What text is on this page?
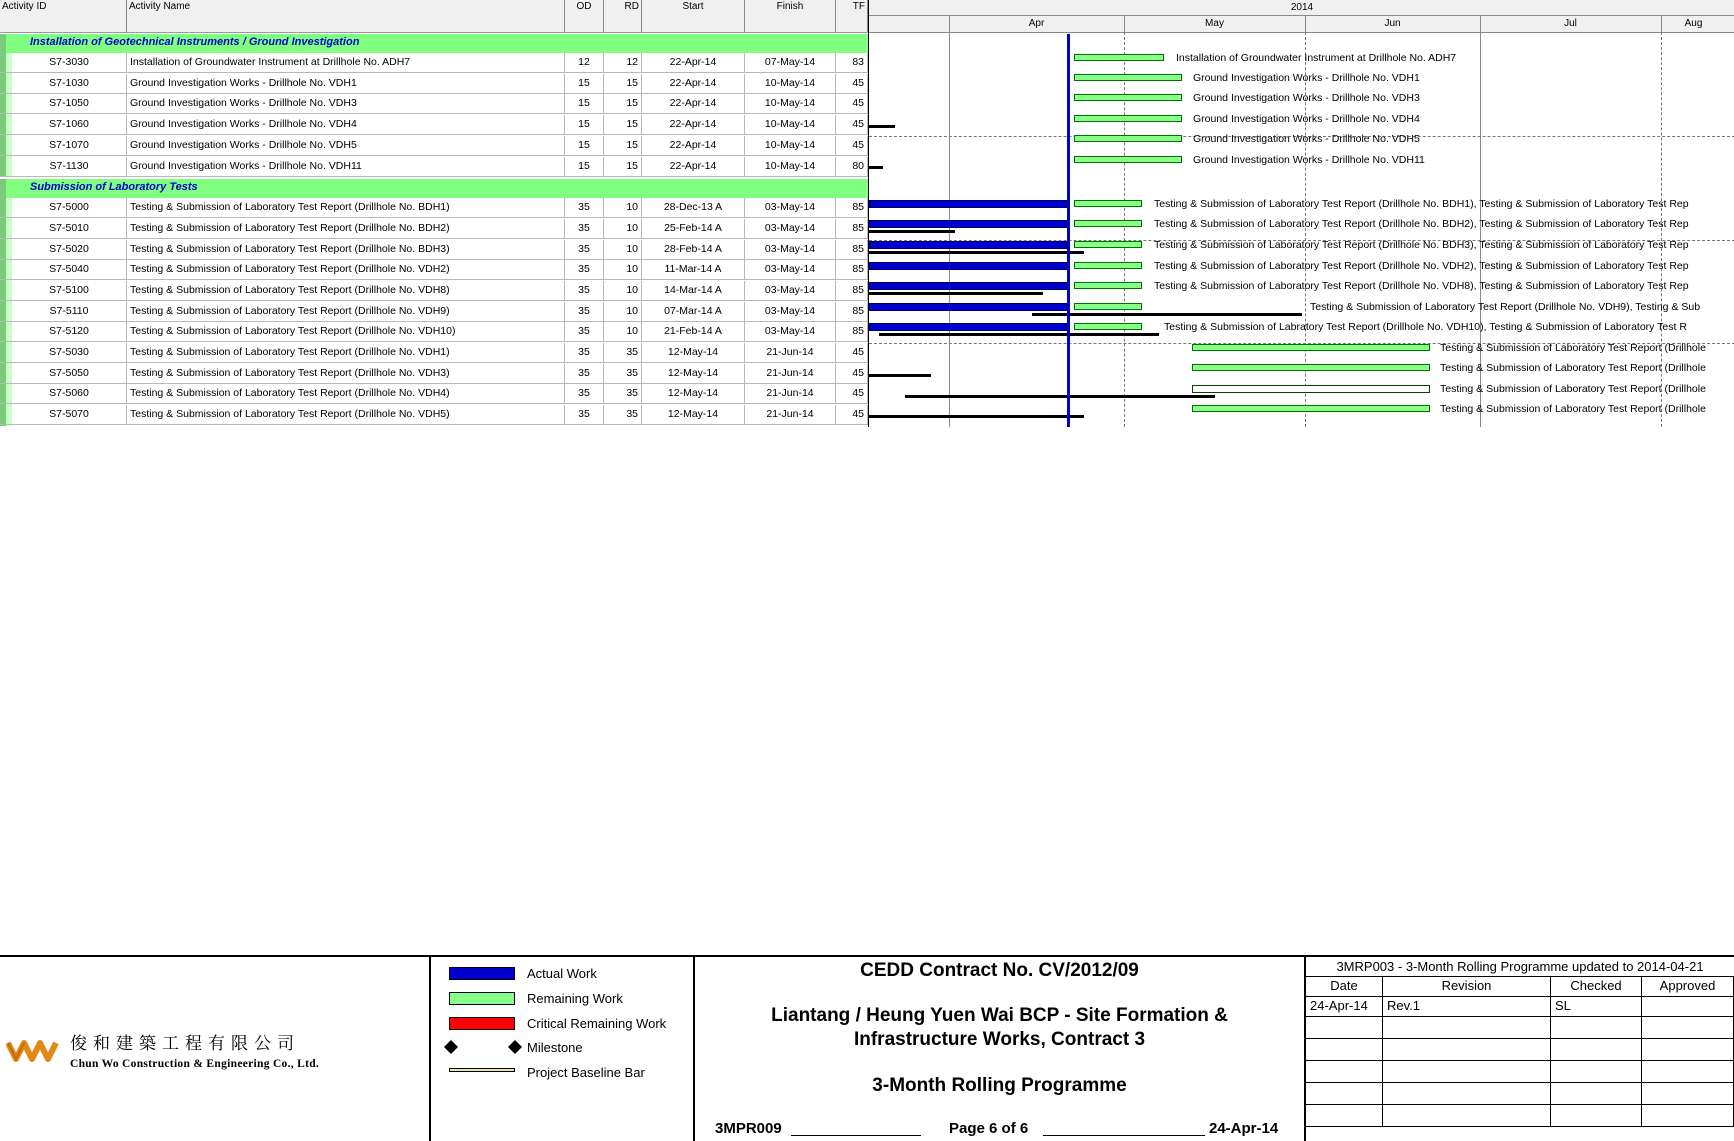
Activity ID	Activity Name	OD	RD	Start	Finish	TF
Installation of Geotechnical Instruments / Ground Investigation
S7-3030	Installation of Groundwater Instrument at Drillhole No. ADH7	12	12	22-Apr-14	07-May-14	83
S7-1030	Ground Investigation Works - Drillhole No. VDH1	15	15	22-Apr-14	10-May-14	45
S7-1050	Ground Investigation Works - Drillhole No. VDH3	15	15	22-Apr-14	10-May-14	45
S7-1060	Ground Investigation Works - Drillhole No. VDH4	15	15	22-Apr-14	10-May-14	45
S7-1070	Ground Investigation Works - Drillhole No. VDH5	15	15	22-Apr-14	10-May-14	45
S7-1130	Ground Investigation Works - Drillhole No. VDH11	15	15	22-Apr-14	10-May-14	80
Submission of Laboratory Tests
S7-5000	Testing & Submission of Laboratory Test Report (Drillhole No. BDH1)	35	10	28-Dec-13 A	03-May-14	85
S7-5010	Testing & Submission of Laboratory Test Report (Drillhole No. BDH2)	35	10	25-Feb-14 A	03-May-14	85
S7-5020	Testing & Submission of Laboratory Test Report (Drillhole No. BDH3)	35	10	28-Feb-14 A	03-May-14	85
S7-5040	Testing & Submission of Laboratory Test Report (Drillhole No. VDH2)	35	10	11-Mar-14 A	03-May-14	85
S7-5100	Testing & Submission of Laboratory Test Report (Drillhole No. VDH8)	35	10	14-Mar-14 A	03-May-14	85
S7-5110	Testing & Submission of Laboratory Test Report (Drillhole No. VDH9)	35	10	07-Mar-14 A	03-May-14	85
S7-5120	Testing & Submission of Laboratory Test Report (Drillhole No. VDH10)	35	10	21-Feb-14 A	03-May-14	85
S7-5030	Testing & Submission of Laboratory Test Report (Drillhole No. VDH1)	35	35	12-May-14	21-Jun-14	45
S7-5050	Testing & Submission of Laboratory Test Report (Drillhole No. VDH3)	35	35	12-May-14	21-Jun-14	45
S7-5060	Testing & Submission of Laboratory Test Report (Drillhole No. VDH4)	35	35	12-May-14	21-Jun-14	45
S7-5070	Testing & Submission of Laboratory Test Report (Drillhole No. VDH5)	35	35	12-May-14	21-Jun-14	45
2014
Apr	May	Jun	Jul	Aug
Installation of Groundwater Instrument at Drillhole No. ADH7
Ground Investigation Works - Drillhole No. VDH1
Ground Investigation Works - Drillhole No. VDH3
Ground Investigation Works - Drillhole No. VDH4
Ground Investigation Works - Drillhole No. VDH5
Ground Investigation Works - Drillhole No. VDH11
Testing & Submission of Laboratory Test Report (Drillhole No. BDH1), Testing & Submission of Laboratory Test Rep
Testing & Submission of Laboratory Test Report (Drillhole No. BDH2), Testing & Submission of Laboratory Test Rep
Testing & Submission of Laboratory Test Report (Drillhole No. BDH3), Testing & Submission of Laboratory Test Rep
Testing & Submission of Laboratory Test Report (Drillhole No. VDH2), Testing & Submission of Laboratory Test Rep
Testing & Submission of Laboratory Test Report (Drillhole No. VDH8), Testing & Submission of Laboratory Test Rep
Testing & Submission of Laboratory Test Report (Drillhole No. VDH9), Testing & Sub
Testing & Submission of Labratory Test Report (Drillhole No. VDH10), Testing & Submission of Laboratory Test R
Testing & Submission of Laboratory Test Report (Drillhole
Testing & Submission of Laboratory Test Report (Drillhole
Testing & Submission of Laboratory Test Report (Drillhole
Testing & Submission of Laboratory Test Report (Drillhole
俊和建築工程有限公司
Chun Wo Construction & Engineering Co., Ltd.
Actual Work
Remaining Work
Critical Remaining Work
Milestone
Project Baseline Bar
CEDD Contract No. CV/2012/09
Liantang / Heung Yuen Wai BCP - Site Formation &
Infrastructure Works, Contract 3
3-Month Rolling Programme
3MPR009	Page 6 of 6	24-Apr-14
3MRP003 - 3-Month Rolling Programme updated to 2014-04-21
Date	Revision	Checked	Approved
24-Apr-14	Rev.1	SL
